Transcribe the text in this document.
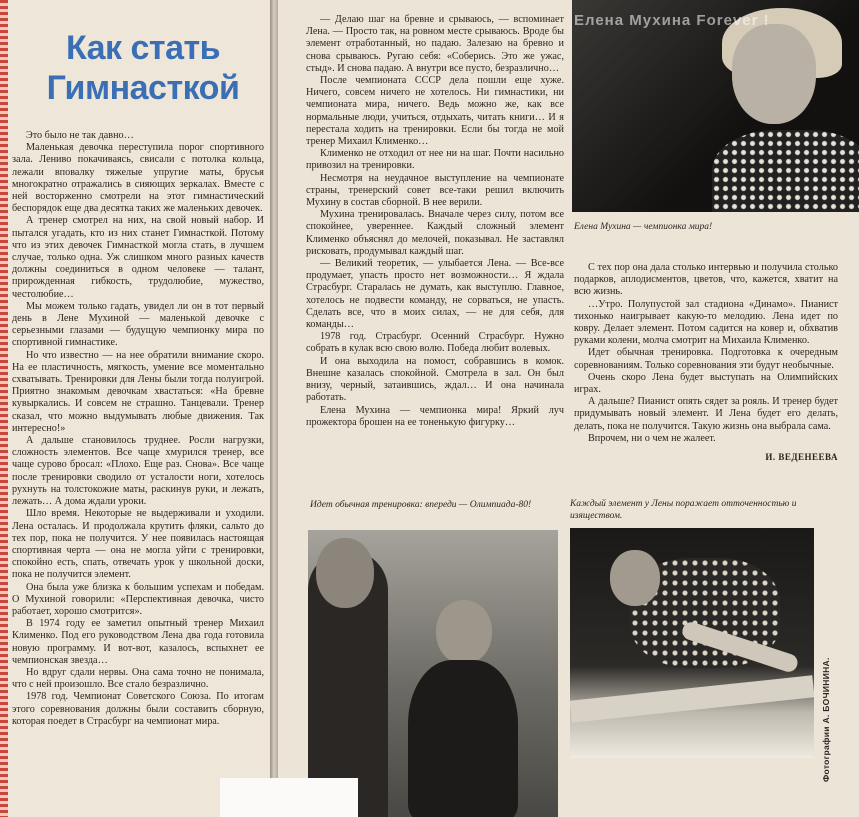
Как стать Гимнасткой

Это было не так давно…

Маленькая девочка переступила порог спортивного зала. Лениво покачиваясь, свисали с потолка кольца, лежали вповалку тяжелые упругие маты, брусья многократно отражались в сияющих зеркалах. Вместе с ней восторженно смотрели на этот гимнастический беспорядок еще два десятка таких же маленьких девочек.

А тренер смотрел на них, на свой новый набор. И пытался угадать, кто из них станет Гимнасткой. Потому что из этих девочек Гимнасткой могла стать, в лучшем случае, только одна. Уж слишком много разных качеств должны соединиться в одном человеке — талант, прирожденная гибкость, трудолюбие, мужество, честолюбие…

Мы можем только гадать, увидел ли он в тот первый день в Лене Мухиной — маленькой девочке с серьезными глазами — будущую чемпионку мира по спортивной гимнастике.

Но что известно — на нее обратили внимание скоро. На ее пластичность, мягкость, умение все моментально схватывать. Тренировки для Лены были тогда полуигрой. Приятно знакомым девочкам хвастаться: «На бревне кувыркались. И совсем не страшно. Танцевали. Тренер сказал, что можно выдумывать любые движения. Так интересно!»

А дальше становилось труднее. Росли нагрузки, сложность элементов. Все чаще хмурился тренер, все чаще сурово бросал: «Плохо. Еще раз. Снова». Все чаще после тренировки сводило от усталости ноги, хотелось рухнуть на толстокожие маты, раскинув руки, и лежать, лежать… А дома ждали уроки.

Шло время. Некоторые не выдерживали и уходили. Лена осталась. И продолжала крутить фляки, сальто до тех пор, пока не получится. У нее появилась настоящая спортивная черта — она не могла уйти с тренировки, спокойно есть, спать, отвечать урок у школьной доски, пока не получится элемент.

Она была уже близка к большим успехам и победам. О Мухиной говорили: «Перспективная девочка, чисто работает, хорошо смотрится».

В 1974 году ее заметил опытный тренер Михаил Клименко. Под его руководством Лена два года готовила новую программу. И вот-вот, казалось, вспыхнет ее чемпионская звезда…

Но вдруг сдали нервы. Она сама точно не понимала, что с ней произошло. Все стало безразлично.

1978 год. Чемпионат Советского Союза. По итогам этого соревнования должны были составить сборную, которая поедет в Страсбург на чемпионат мира.

— Делаю шаг на бревне и срываюсь, — вспоминает Лена. — Просто так, на ровном месте срываюсь. Вроде бы элемент отработанный, но падаю. Залезаю на бревно и снова срываюсь. Ругаю себя: «Соберись. Это же ужас, стыд». И снова падаю. А внутри все пусто, безразлично…

После чемпионата СССР дела пошли еще хуже. Ничего, совсем ничего не хотелось. Ни гимнастики, ни чемпионата мира, ничего. Ведь можно же, как все нормальные люди, учиться, отдыхать, читать книги… И я перестала ходить на тренировки. Если бы тогда не мой тренер Михаил Клименко…

Клименко не отходил от нее ни на шаг. Почти насильно привозил на тренировки.

Несмотря на неудачное выступление на чемпионате страны, тренерский совет все-таки решил включить Мухину в состав сборной. В нее верили.

Мухина тренировалась. Вначале через силу, потом все спокойнее, увереннее. Каждый сложный элемент Клименко объяснял до мелочей, показывал. Не заставлял рисковать, продумывал каждый шаг.

— Великий теоретик, — улыбается Лена. — Все-все продумает, упасть просто нет возможности… Я ждала Страсбург. Старалась не думать, как выступлю. Главное, хотелось не подвести команду, не сорваться, не упасть. Сделать все, что в моих силах, — не для себя, для команды…

1978 год. Страсбург. Осенний Страсбург. Нужно собрать в кулак всю свою волю. Победа любит волевых.

И она выходила на помост, собравшись в комок. Внешне казалась спокойной. Смотрела в зал. Он был внизу, черный, затаившись, ждал… И она начинала работать.

Елена Мухина — чемпионка мира! Яркий луч прожектора брошен на ее тоненькую фигурку…

Елена Мухина Forever !

Елена Мухина — чемпионка мира!

С тех пор она дала столько интервью и получила столько подарков, аплодисментов, цветов, что, кажется, хватит на всю жизнь.

…Утро. Полупустой зал стадиона «Динамо». Пианист тихонько наигрывает какую-то мелодию. Лена идет по ковру. Делает элемент. Потом садится на ковер и, обхватив руками колени, молча смотрит на Михаила Клименко.

Идет обычная тренировка. Подготовка к очередным соревнованиям. Только соревнования эти будут необычные.

Очень скоро Лена будет выступать на Олимпийских играх.

А дальше? Пианист опять сядет за рояль. И тренер будет придумывать новый элемент. И Лена будет его делать, делать, пока не получится. Такую жизнь она выбрала сама.

Впрочем, ни о чем не жалеет.

И. ВЕДЕНЕЕВА

Идет обычная тренировка: впереди — Олимпиада-80!	Каждый элемент у Лены поражает отточенностью и изяществом.

Фотографии А. БОЧИНИНА.
